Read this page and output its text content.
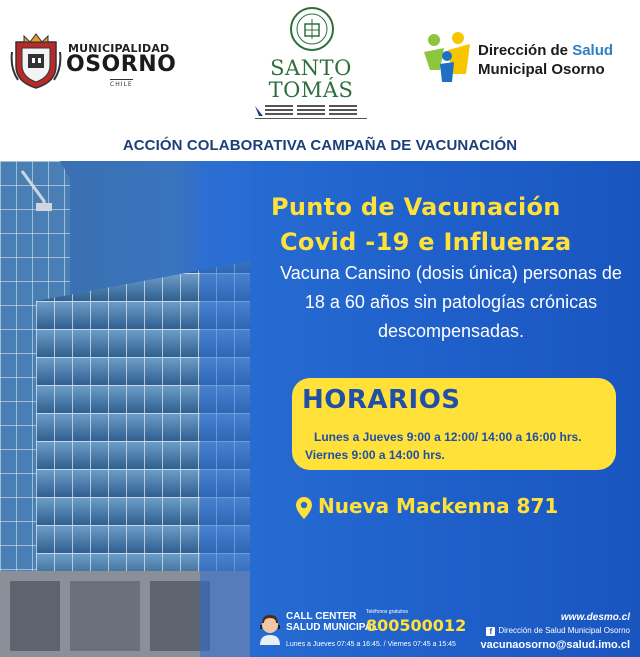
MUNICIPALIDAD
OSORNO
CHILE
SANTO
TOMÁS
Dirección de Salud
Municipal Osorno
ACCIÓN COLABORATIVA CAMPAÑA DE VACUNACIÓN
Punto de Vacunación
Covid -19 e Influenza
Vacuna Cansino (dosis única) personas de
18 a 60 años sin patologías crónicas
descompensadas.
HORARIOS
Lunes a Jueves 9:00 a 12:00/ 14:00 a 16:00 hrs.
Viernes 9:00 a 14:00 hrs.
Nueva Mackenna 871
CALL CENTER
SALUD MUNICIPAL
Teléfonos gratuitos
800500012
Lunes a Jueves 07:45 a 16:45. / Viernes 07:45 a 15:45
www.desmo.cl
f Dirección de Salud Municipal Osorno
vacunaosorno@salud.imo.cl
